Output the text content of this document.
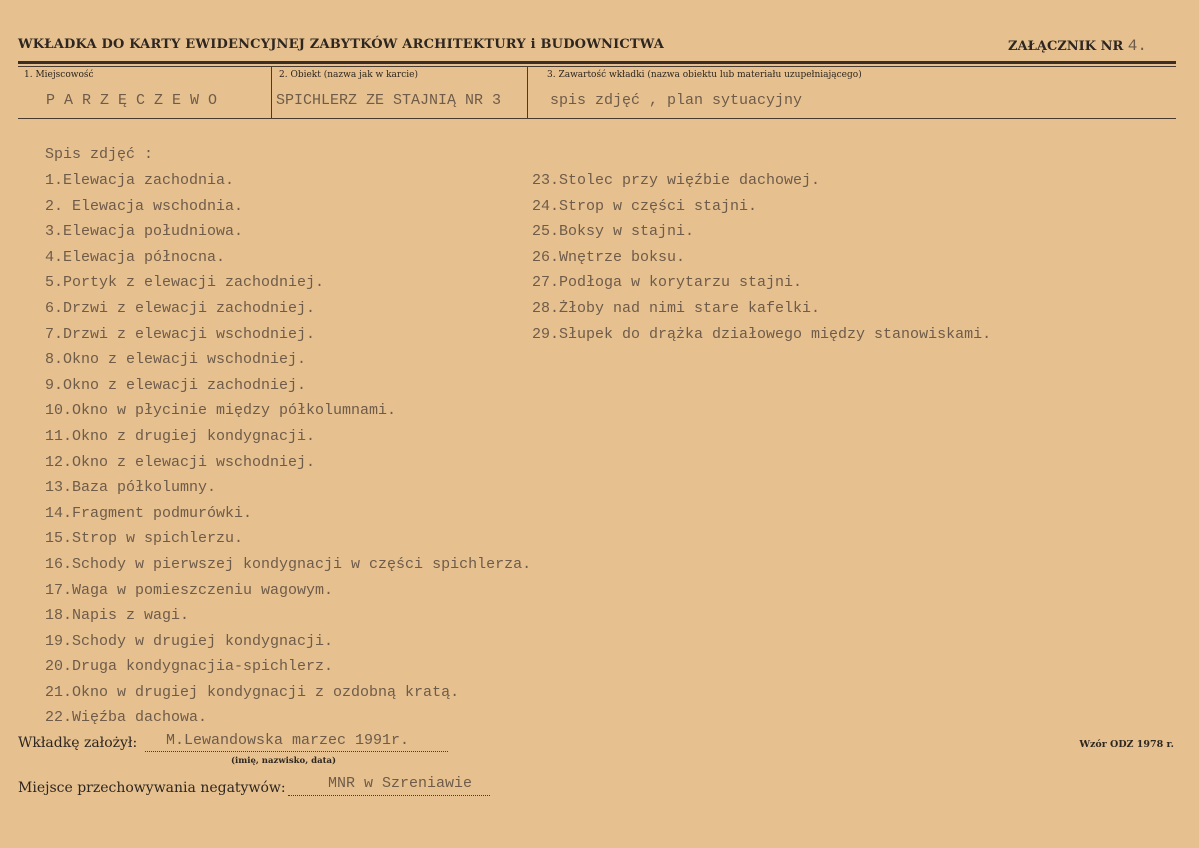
WKŁADKA DO KARTY EWIDENCYJNEJ ZABYTKÓW ARCHITEKTURY i BUDOWNICTWA	ZAŁĄCZNIK NR 4.
1. Miejscowość
PARZĘCZEWO
2. Obiekt (nazwa jak w karcie)
SPICHLERZ ZE STAJNIĄ NR 3
3. Zawartość wkładki (nazwa obiektu lub materiału uzupełniającego)
spis zdjęć , plan sytuacyjny
Spis zdjęć :
1.Elewacja zachodnia.
2. Elewacja wschodnia.
3.Elewacja południowa.
4.Elewacja północna.
5.Portyk z elewacji zachodniej.
6.Drzwi z elewacji zachodniej.
7.Drzwi z elewacji wschodniej.
8.Okno z elewacji wschodniej.
9.Okno z elewacji zachodniej.
10.Okno w płycinie między półkolumnami.
11.Okno z drugiej kondygnacji.
12.Okno z elewacji wschodniej.
13.Baza półkolumny.
14.Fragment podmurówki.
15.Strop w spichlerzu.
16.Schody w pierwszej kondygnacji w części spichlerza.
17.Waga w pomieszczeniu wagowym.
18.Napis z wagi.
19.Schody w drugiej kondygnacji.
20.Druga kondygnacjia-spichlerz.
21.Okno w drugiej kondygnacji z ozdobną kratą.
22.Więźba dachowa.
23.Stolec przy więźbie dachowej.
24.Strop w części stajni.
25.Boksy w stajni.
26.Wnętrze boksu.
27.Podłoga w korytarzu stajni.
28.Żłoby nad nimi stare kafelki.
29.Słupek do drążka działowego między stanowiskami.
Wkładkę założył: M.Lewandowska marzec 1991r.
(imię, nazwisko, data)
Wzór ODZ 1978 r.
Miejsce przechowywania negatywów:	MNR w Szreniawie
